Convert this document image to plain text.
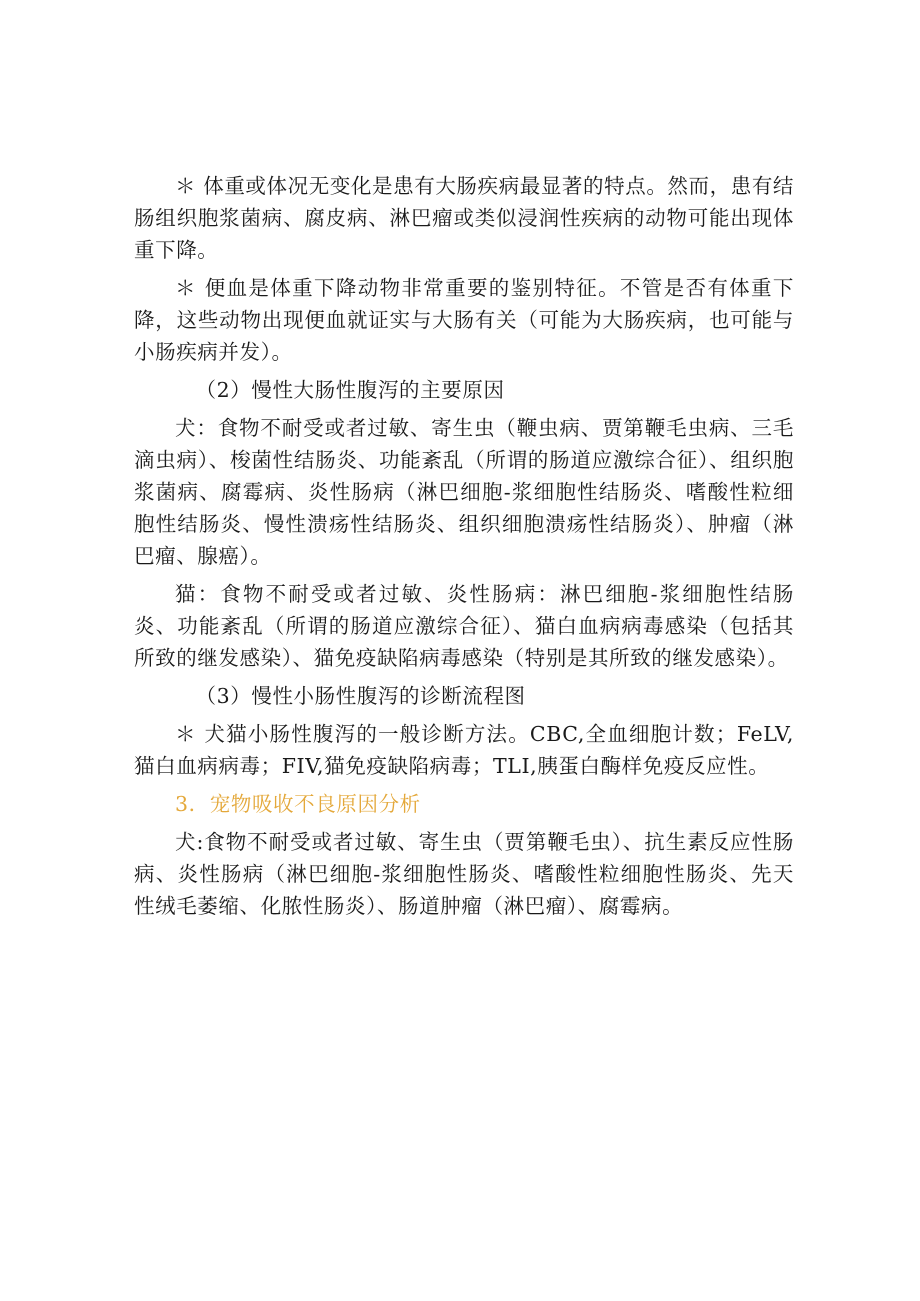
＊ 体重或体况无变化是患有大肠疾病最显著的特点。然而，患有结肠组织胞浆菌病、腐皮病、淋巴瘤或类似浸润性疾病的动物可能出现体重下降。

＊ 便血是体重下降动物非常重要的鉴别特征。不管是否有体重下降，这些动物出现便血就证实与大肠有关（可能为大肠疾病，也可能与小肠疾病并发）。

（2）慢性大肠性腹泻的主要原因

犬：食物不耐受或者过敏、寄生虫（鞭虫病、贾第鞭毛虫病、三毛滴虫病）、梭菌性结肠炎、功能紊乱（所谓的肠道应激综合征）、组织胞浆菌病、腐霉病、炎性肠病（淋巴细胞-浆细胞性结肠炎、嗜酸性粒细胞性结肠炎、慢性溃疡性结肠炎、组织细胞溃疡性结肠炎）、肿瘤（淋巴瘤、腺癌）。

猫：食物不耐受或者过敏、炎性肠病：淋巴细胞-浆细胞性结肠炎、功能紊乱（所谓的肠道应激综合征）、猫白血病病毒感染（包括其所致的继发感染）、猫免疫缺陷病毒感染（特别是其所致的继发感染）。

（3）慢性小肠性腹泻的诊断流程图

＊ 犬猫小肠性腹泻的一般诊断方法。CBC,全血细胞计数；FeLV,猫白血病病毒；FIV,猫免疫缺陷病毒；TLI,胰蛋白酶样免疫反应性。

3．宠物吸收不良原因分析

犬:食物不耐受或者过敏、寄生虫（贾第鞭毛虫）、抗生素反应性肠病、炎性肠病（淋巴细胞-浆细胞性肠炎、嗜酸性粒细胞性肠炎、先天性绒毛萎缩、化脓性肠炎）、肠道肿瘤（淋巴瘤）、腐霉病。
